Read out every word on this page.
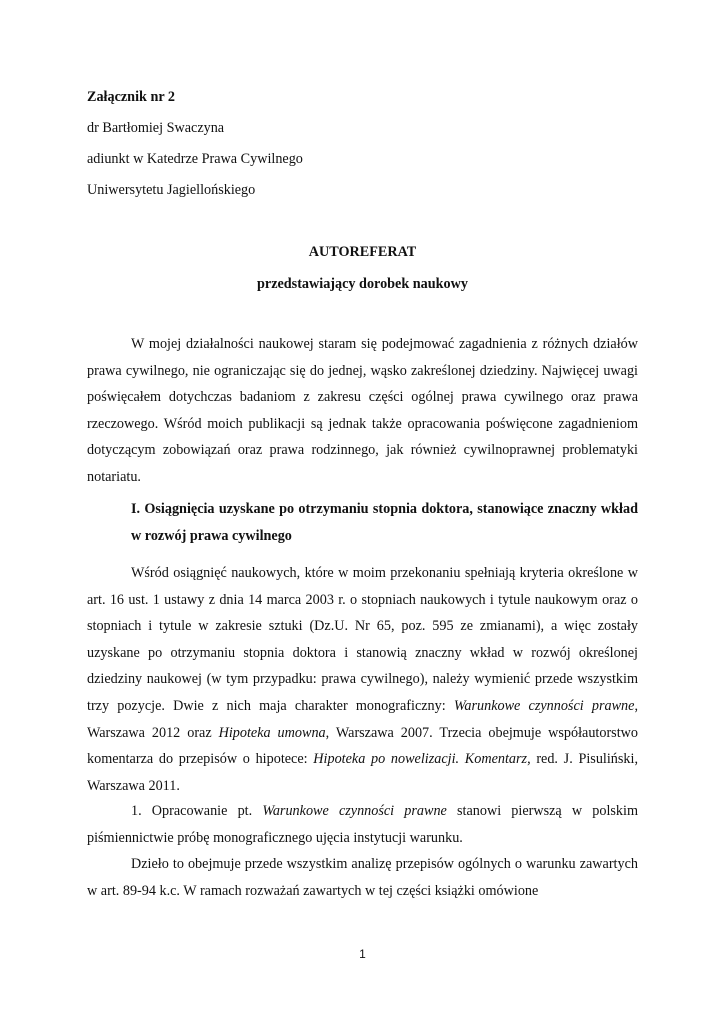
Załącznik nr 2

dr Bartłomiej Swaczyna

adiunkt w Katedrze Prawa Cywilnego

Uniwersytetu Jagiellońskiego

AUTOREFERAT

przedstawiający dorobek naukowy

W mojej działalności naukowej staram się podejmować zagadnienia z różnych działów prawa cywilnego, nie ograniczając się do jednej, wąsko zakreślonej dziedziny. Najwięcej uwagi poświęcałem dotychczas badaniom z zakresu części ogólnej prawa cywilnego oraz prawa rzeczowego. Wśród moich publikacji są jednak także opracowania poświęcone zagadnieniom dotyczącym zobowiązań oraz prawa rodzinnego, jak również cywilnoprawnej problematyki notariatu.

I. Osiągnięcia uzyskane po otrzymaniu stopnia doktora, stanowiące znaczny wkład w rozwój prawa cywilnego

Wśród osiągnięć naukowych, które w moim przekonaniu spełniają kryteria określone w art. 16 ust. 1 ustawy z dnia 14 marca 2003 r. o stopniach naukowych i tytule naukowym oraz o stopniach i tytule w zakresie sztuki (Dz.U. Nr 65, poz. 595 ze zmianami), a więc zostały uzyskane po otrzymaniu stopnia doktora i stanowią znaczny wkład w rozwój określonej dziedziny naukowej (w tym przypadku: prawa cywilnego), należy wymienić przede wszystkim trzy pozycje. Dwie z nich maja charakter monograficzny: Warunkowe czynności prawne, Warszawa 2012 oraz Hipoteka umowna, Warszawa 2007. Trzecia obejmuje współautorstwo komentarza do przepisów o hipotece: Hipoteka po nowelizacji. Komentarz, red. J. Pisuliński, Warszawa 2011.

1. Opracowanie pt. Warunkowe czynności prawne stanowi pierwszą w polskim piśmiennictwie próbę monograficznego ujęcia instytucji warunku.

Dzieło to obejmuje przede wszystkim analizę przepisów ogólnych o warunku zawartych w art. 89-94 k.c. W ramach rozważań zawartych w tej części książki omówione

1
